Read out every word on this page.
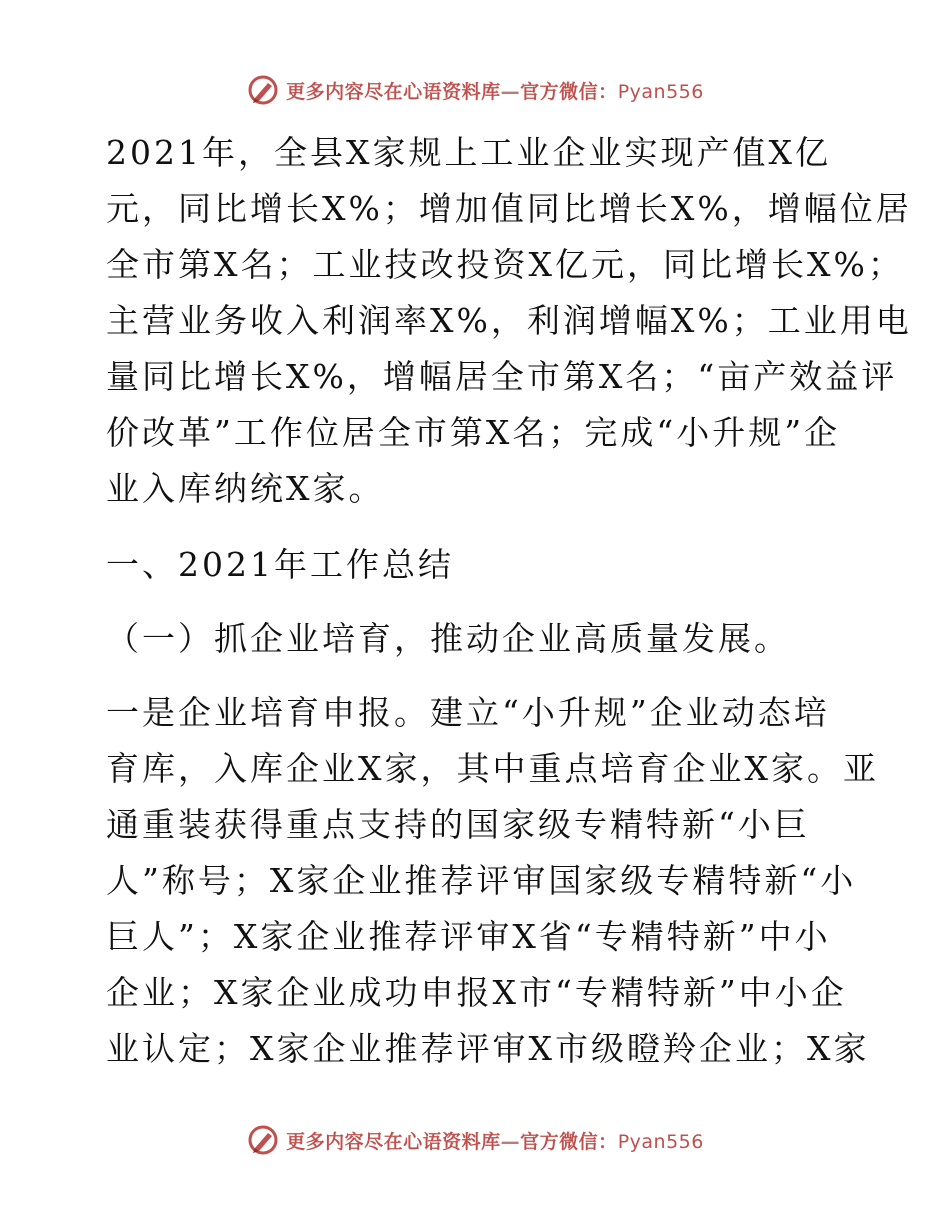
更多内容尽在心语资料库—官方微信：Pyan556

2021年，全县X家规上工业企业实现产值X亿
元，同比增长X%；增加值同比增长X%，增幅位居
全市第X名；工业技改投资X亿元，同比增长X%；
主营业务收入利润率X%，利润增幅X%；工业用电
量同比增长X%，增幅居全市第X名；“亩产效益评
价改革”工作位居全市第X名；完成“小升规”企
业入库纳统X家。

一、2021年工作总结

（一）抓企业培育，推动企业高质量发展。

一是企业培育申报。建立“小升规”企业动态培
育库，入库企业X家，其中重点培育企业X家。亚
通重装获得重点支持的国家级专精特新“小巨
人”称号；X家企业推荐评审国家级专精特新“小
巨人”；X家企业推荐评审X省“专精特新”中小
企业；X家企业成功申报X市“专精特新”中小企
业认定；X家企业推荐评审X市级瞪羚企业；X家

更多内容尽在心语资料库—官方微信：Pyan556
